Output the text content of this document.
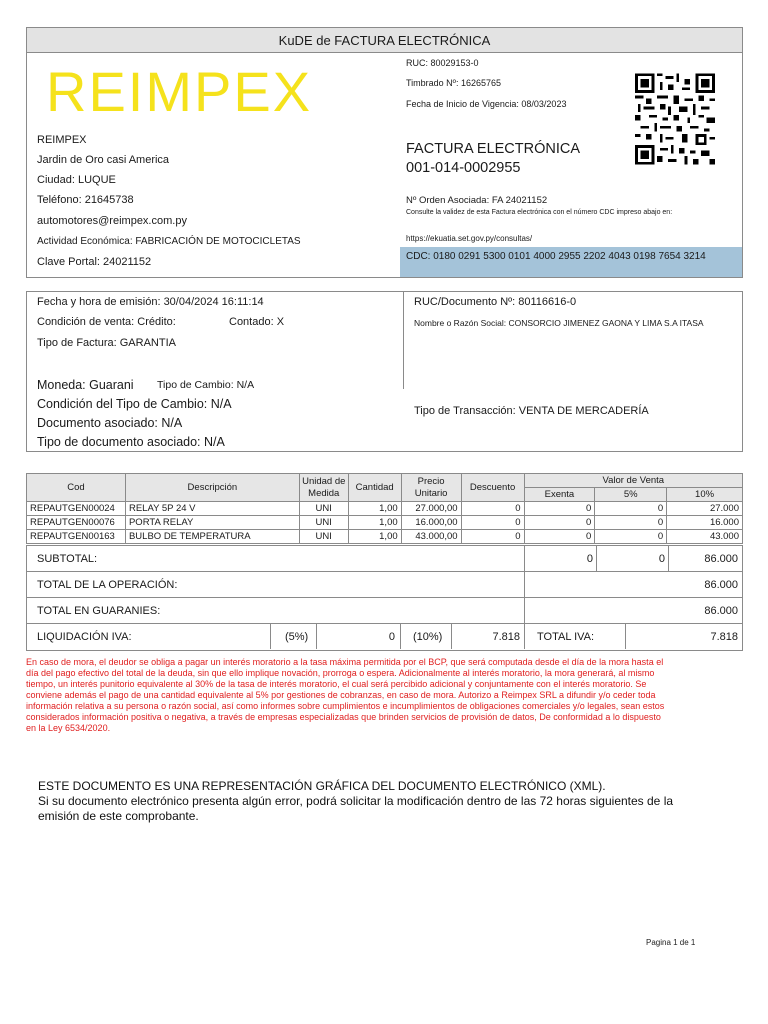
KuDE de FACTURA ELECTRÓNICA
REIMPEX
REIMPEX
Jardin de Oro casi America
Ciudad: LUQUE
Teléfono: 21645738
automotores@reimpex.com.py
Actividad Económica: FABRICACIÓN DE MOTOCICLETAS
Clave Portal: 24021152
RUC: 80029153-0
Timbrado Nº: 16265765
Fecha de Inicio de Vigencia: 08/03/2023
FACTURA ELECTRÓNICA
001-014-0002955
Nº Orden Asociada: FA 24021152
Consulte la validez de esta Factura electrónica con el número CDC impreso abajo en:
https://ekuatia.set.gov.py/consultas/
CDC: 0180 0291 5300 0101 4000 2955 2202 4043 0198 7654 3214
Fecha y hora de emisión: 30/04/2024 16:11:14
Condición de venta: Crédito:	Contado: X
Tipo de Factura: GARANTIA
Moneda: Guarani Tipo de Cambio: N/A
Condición del Tipo de Cambio: N/A
Documento asociado: N/A
Tipo de documento asociado: N/A
RUC/Documento Nº: 80116616-0
Nombre o Razón Social: CONSORCIO JIMENEZ GAONA Y LIMA S.A ITASA
Tipo de Transacción: VENTA DE MERCADERÍA
Cod	Descripción	Unidad de Medida	Cantidad	Precio Unitario	Descuento	Valor de Venta		
						Exenta	5%	10%
REPAUTGEN00024	RELAY 5P 24 V	UNI	1,00	27.000,00	0	0	0	27.000
REPAUTGEN00076	PORTA RELAY	UNI	1,00	16.000,00	0	0	0	16.000
REPAUTGEN00163	BULBO DE TEMPERATURA	UNI	1,00	43.000,00	0	0	0	43.000
SUBTOTAL:	0	0	86.000
TOTAL DE LA OPERACIÓN:	86.000
TOTAL EN GUARANIES:	86.000
LIQUIDACIÓN IVA:	(5%)	0 (10%)	7.818 TOTAL IVA:	7.818
En caso de mora, el deudor se obliga a pagar un interés moratorio a la tasa máxima permitida por el BCP, que será computada desde el día de la mora hasta el
día del pago efectivo del total de la deuda, sin que ello implique novación, prorroga o espera. Adicionalmente al interés moratorio, la mora generará, al mismo
tiempo, un interés punitorio equivalente al 30% de la tasa de interés moratorio, el cual será percibido adicional y conjuntamente con el interés moratorio. Se
conviene además el pago de una cantidad equivalente al 5% por gestiones de cobranzas, en caso de mora. Autorizo a Reimpex SRL a difundir y/o ceder toda
información relativa a su persona o razón social, así como informes sobre cumplimientos e incumplimientos de obligaciones comerciales y/o legales, sean estos
considerados información positiva o negativa, a través de empresas especializadas que brinden servicios de provisión de datos, De conformidad a lo dispuesto
en la Ley 6534/2020.
ESTE DOCUMENTO ES UNA REPRESENTACIÓN GRÁFICA DEL DOCUMENTO ELECTRÓNICO (XML).
Si su documento electrónico presenta algún error, podrá solicitar la modificación dentro de las 72 horas siguientes de la
emisión de este comprobante.
Pagina 1 de 1
